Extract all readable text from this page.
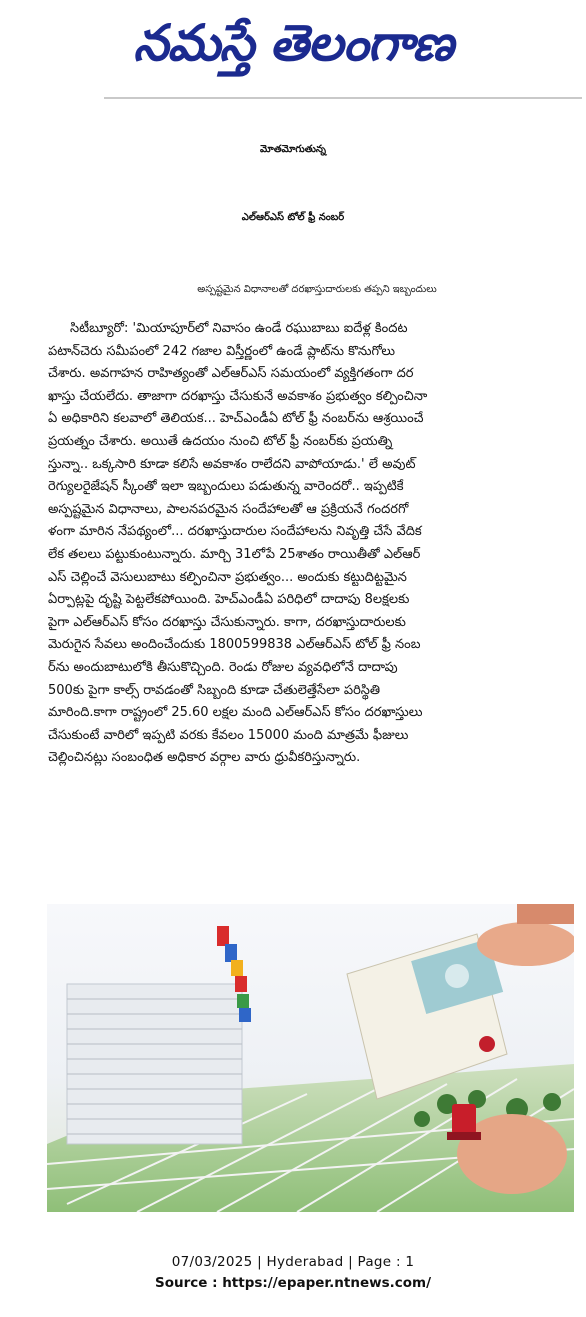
నమస్తే తెలంగాణ
మోతమోగుతున్న
ఎల్‌ఆర్‌ఎస్‌ టోల్‌ ఫ్రీ నంబర్‌
అస్పష్టమైన విధానాలతో దరఖాస్తుదారులకు తప్పని ఇబ్బందులు
సిటీబ్యూరో: 'మియాపూర్‌లో నివాసం ఉండే రఘుబాబు ఐదేళ్ల కిందట
పటాన్‌చెరు సమీపంలో 242 గజాల విస్తీర్ణంలో ఉండే ప్లాట్‌ను కొనుగోలు
చేశారు. అవగాహన రాహిత్యంతో ఎల్‌ఆర్‌ఎస్‌ సమయంలో వ్యక్తిగతంగా దర
ఖాస్తు చేయలేదు. తాజాగా దరఖాస్తు చేసుకునే అవకాశం ప్రభుత్వం కల్పించినా
ఏ అధికారిని కలవాలో తెలియక... హెచ్‌ఎండీఏ టోల్‌ ఫ్రీ నంబర్‌ను ఆశ్రయించే
ప్రయత్నం చేశారు. అయితే ఉదయం నుంచి టోల్‌ ఫ్రీ నంబర్‌కు ప్రయత్ని
స్తున్నా.. ఒక్కసారి కూడా కలిసే అవకాశం రాలేదని వాపోయాడు.' లే అవుట్‌
రెగ్యులరైజేషన్‌ స్కీంతో ఇలా ఇబ్బందులు పడుతున్న వారెందరో.. ఇప్పటికే
అస్పష్టమైన విధానాలు, పాలనపరమైన సందేహాలతో ఆ ప్రక్రియనే గందరగో
ళంగా మారిన నేపథ్యంలో... దరఖాస్తుదారుల సందేహాలను నివృత్తి చేసే వేదిక
లేక తలలు పట్టుకుంటున్నారు. మార్చి 31లోపే 25శాతం రాయితీతో ఎల్‌ఆర్‌
ఎస్‌ చెల్లించే వెసులుబాటు కల్పించినా ప్రభుత్వం... అందుకు కట్టుదిట్టమైన
ఏర్పాట్లపై దృష్టి పెట్టలేకపోయింది. హెచ్‌ఎండీఏ పరిధిలో దాదాపు 8లక్షలకు
పైగా ఎల్‌ఆర్‌ఎస్‌ కోసం దరఖాస్తు చేసుకున్నారు. కాగా, దరఖాస్తుదారులకు
మెరుగైన సేవలు అందించేందుకు 1800599838 ఎల్‌ఆర్‌ఎస్‌ టోల్‌ ఫ్రీ నంబ
ర్‌ను అందుబాటులోకి తీసుకొచ్చింది. రెండు రోజుల వ్యవధిలోనే దాదాపు
500కు పైగా కాల్స్‌ రావడంతో సిబ్బంది కూడా చేతులెత్తేసేలా పరిస్థితి
మారింది.కాగా రాష్ట్రంలో 25.60 లక్షల మంది ఎల్‌ఆర్‌ఎస్‌ కోసం దరఖాస్తులు
చేసుకుంటే వారిలో ఇప్పటి వరకు కేవలం 15000 మంది మాత్రమే ఫీజులు
చెల్లించినట్లు సంబంధిత అధికార వర్గాల వారు ధ్రువీకరిస్తున్నారు.
07/03/2025 | Hyderabad | Page : 1
Source : https://epaper.ntnews.com/
